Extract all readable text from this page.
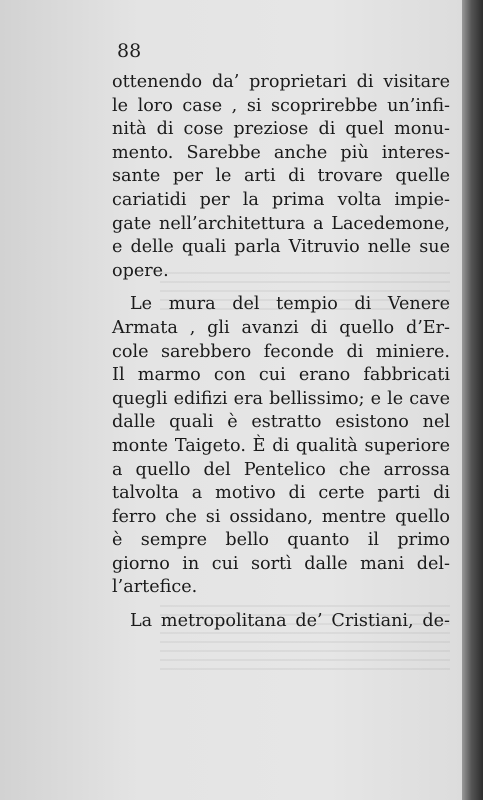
88
ottenendo da’ proprietari di visitare
le loro case , si scoprirebbe un’infi-
nità di cose preziose di quel monu-
mento. Sarebbe anche più interes-
sante per le arti di trovare quelle
cariatidi per la prima volta impie-
gate nell’architettura a Lacedemone,
e delle quali parla Vitruvio nelle sue
opere.
Le mura del tempio di Venere
Armata , gli avanzi di quello d’Er-
cole sarebbero feconde di miniere.
Il marmo con cui erano fabbricati
quegli edifizi era bellissimo; e le cave
dalle quali è estratto esistono nel
monte Taigeto. È di qualità superiore
a quello del Pentelico che arrossa
talvolta a motivo di certe parti di
ferro che si ossidano, mentre quello
è sempre bello quanto il primo
giorno in cui sortì dalle mani del-
l’artefice.
La metropolitana de’ Cristiani, de-
